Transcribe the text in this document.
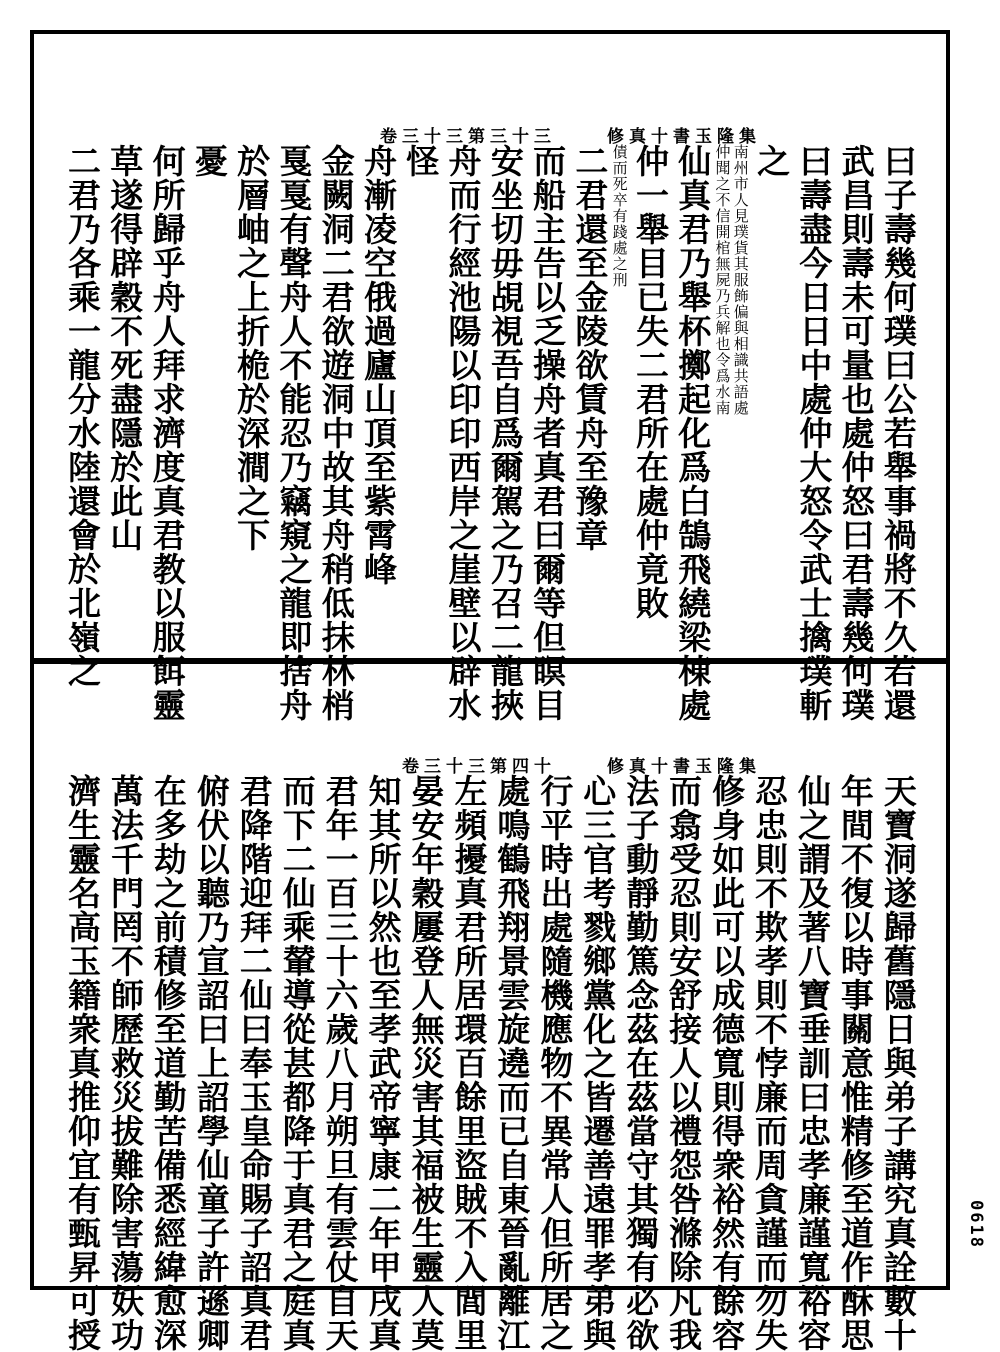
卷三十三第三十三	修真十書玉隆集
曰子壽幾何璞曰公若舉事禍將不久若還
武昌則壽未可量也處仲怒曰君壽幾何璞
曰壽盡今日日中處仲大怒令武士擒璞斬
之
南州市人見璞貨其服飾偏與相識共語處
仲聞之不信開棺無屍乃兵解也令爲水南
仙真君乃舉杯擲起化爲白鵠飛繞梁棟處
仲一舉目已失二君所在處仲竟敗
債而死卒有踐處之刑
二君還至金陵欲賃舟至豫章
而船主告以乏操舟者真君曰爾等但瞑目
安坐切毋覘視吾自爲爾駕之乃召二龍挾
舟而行經池陽以印印西岸之崖壁以辟水
怪
舟漸凌空俄過廬山頂至紫霄峰
金闕洞二君欲遊洞中故其舟稍低抹林梢
戛戛有聲舟人不能忍乃竊窺之龍即捨舟
於層岫之上折桅於深澗之下
憂
何所歸乎舟人拜求濟度真君教以服餌靈
草遂得辟穀不死盡隱於此山
二君乃各乘一龍分水陸還會於北嶺之
卷三十三第四十	修真十書玉隆集
天寶洞遂歸舊隱日與弟子講究真詮數十
年間不復以時事關意惟精修至道作酥思
仙之謂及著八寶垂訓曰忠孝廉謹寬裕容
忍忠則不欺孝則不悖廉而周貪謹而勿失
修身如此可以成德寬則得衆裕然有餘容
而翕受忍則安舒接人以禮怨咎滌除凡我
法子動靜勤篤念茲在茲當守其獨有必欲
心三官考戮鄉黨化之皆遷善遠罪孝弟與
行平時出處隨機應物不異常人但所居之
處鳴鶴飛翔景雲旋遶而已自東晉亂離江
左頻擾真君所居環百餘里盜賊不入閭里
晏安年穀屢登人無災害其福被生靈人莫
知其所以然也至孝武帝寧康二年甲戌真
君年一百三十六歲八月朔旦有雲仗自天
而下二仙乘輦導從甚都降于真君之庭真
君降階迎拜二仙曰奉玉皇命賜子詔真君
俯伏以聽乃宣詔曰上詔學仙童子許遜卿
在多劫之前積修至道勤苦備悉經緯愈深
萬法千門罔不師歷救災拔難除害蕩妖功
濟生靈名高玉籍衆真推仰宜有甄昇可授	0618
